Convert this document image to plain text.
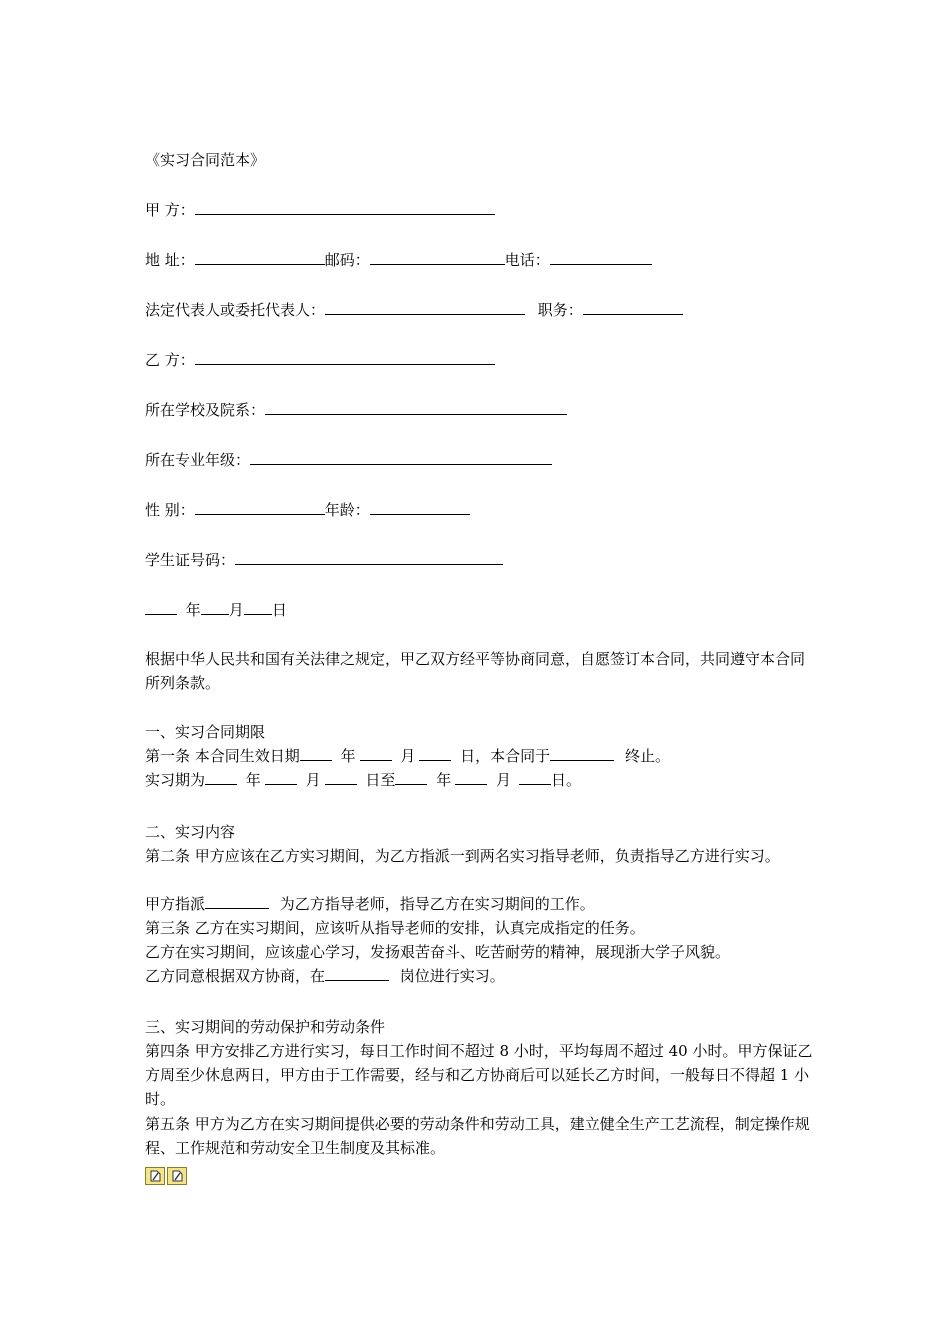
《实习合同范本》
甲 方：
地 址：	邮码：	电话：
法定代表人或委托代表人：	职务：
乙 方：
所在学校及院系：
所在专业年级：
性 别：	年龄：
学生证号码：
年 月 日
根据中华人民共和国有关法律之规定，甲乙双方经平等协商同意，自愿签订本合同，共同遵守本合同所列条款。
一、实习合同期限
第一条 本合同生效日期	年	月	日，本合同于	终止。
实习期为	年	月	日至	年	月	日。
二、实习内容
第二条 甲方应该在乙方实习期间，为乙方指派一到两名实习指导老师，负责指导乙方进行实习。
甲方指派	为乙方指导老师，指导乙方在实习期间的工作。
第三条 乙方在实习期间，应该听从指导老师的安排，认真完成指定的任务。
乙方在实习期间，应该虚心学习，发扬艰苦奋斗、吃苦耐劳的精神，展现浙大学子风貌。
乙方同意根据双方协商，在	岗位进行实习。
三、实习期间的劳动保护和劳动条件
第四条 甲方安排乙方进行实习，每日工作时间不超过 8 小时，平均每周不超过 40 小时。甲方保证乙方周至少休息两日，甲方由于工作需要，经与和乙方协商后可以延长乙方时间，一般每日不得超 1 小时。
第五条 甲方为乙方在实习期间提供必要的劳动条件和劳动工具，建立健全生产工艺流程，制定操作规程、工作规范和劳动安全卫生制度及其标准。
